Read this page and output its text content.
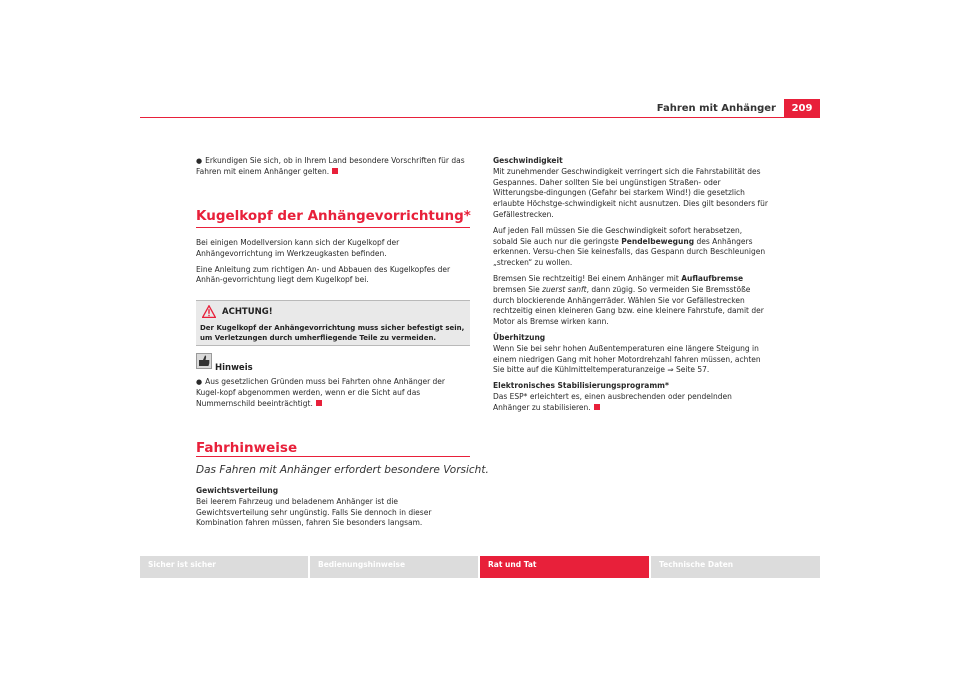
Fahren mit Anhänger	209
● Erkundigen Sie sich, ob in Ihrem Land besondere Vorschriften für das Fahren mit einem Anhänger gelten.
Kugelkopf der Anhängevorrichtung*

Bei einigen Modellversion kann sich der Kugelkopf der Anhängevorrichtung im Werkzeugkasten befinden.

Eine Anleitung zum richtigen An- und Abbauen des Kugelkopfes der Anhän-gevorrichtung liegt dem Kugelkopf bei.

ACHTUNG!
Der Kugelkopf der Anhängevorrichtung muss sicher befestigt sein, um Verletzungen durch umherfliegende Teile zu vermeiden.
Hinweis
● Aus gesetzlichen Gründen muss bei Fahrten ohne Anhänger der Kugel-kopf abgenommen werden, wenn er die Sicht auf das Nummernschild beeinträchtigt.
Fahrhinweise
Das Fahren mit Anhänger erfordert besondere Vorsicht.
Gewichtsverteilung
Bei leerem Fahrzeug und beladenem Anhänger ist die Gewichtsverteilung sehr ungünstig. Falls Sie dennoch in dieser Kombination fahren müssen, fahren Sie besonders langsam.
Geschwindigkeit

Mit zunehmender Geschwindigkeit verringert sich die Fahrstabilität des Gespannes. Daher sollten Sie bei ungünstigen Straßen- oder Witterungsbe-dingungen (Gefahr bei starkem Wind!) die gesetzlich erlaubte Höchstge-schwindigkeit nicht ausnutzen. Dies gilt besonders für Gefällestrecken.

Auf jeden Fall müssen Sie die Geschwindigkeit sofort herabsetzen, sobald Sie auch nur die geringste Pendelbewegung des Anhängers erkennen. Versu-chen Sie keinesfalls, das Gespann durch Beschleunigen „strecken“ zu wollen.

Bremsen Sie rechtzeitig! Bei einem Anhänger mit Auflaufbremse bremsen Sie zuerst sanft, dann zügig. So vermeiden Sie Bremsstöße durch blockierende Anhängerräder. Wählen Sie vor Gefällestrecken rechtzeitig einen kleineren Gang bzw. eine kleinere Fahrstufe, damit der Motor als Bremse wirken kann.

Überhitzung

Wenn Sie bei sehr hohen Außentemperaturen eine längere Steigung in einem niedrigen Gang mit hoher Motordrehzahl fahren müssen, achten Sie bitte auf die Kühlmitteltemperaturanzeige ⇒ Seite 57.

Elektronisches Stabilisierungsprogramm*
Das ESP* erleichtert es, einen ausbrechenden oder pendelnden Anhänger zu stabilisieren.
Sicher ist sicher	Bedienungshinweise	Rat und Tat	Technische Daten
